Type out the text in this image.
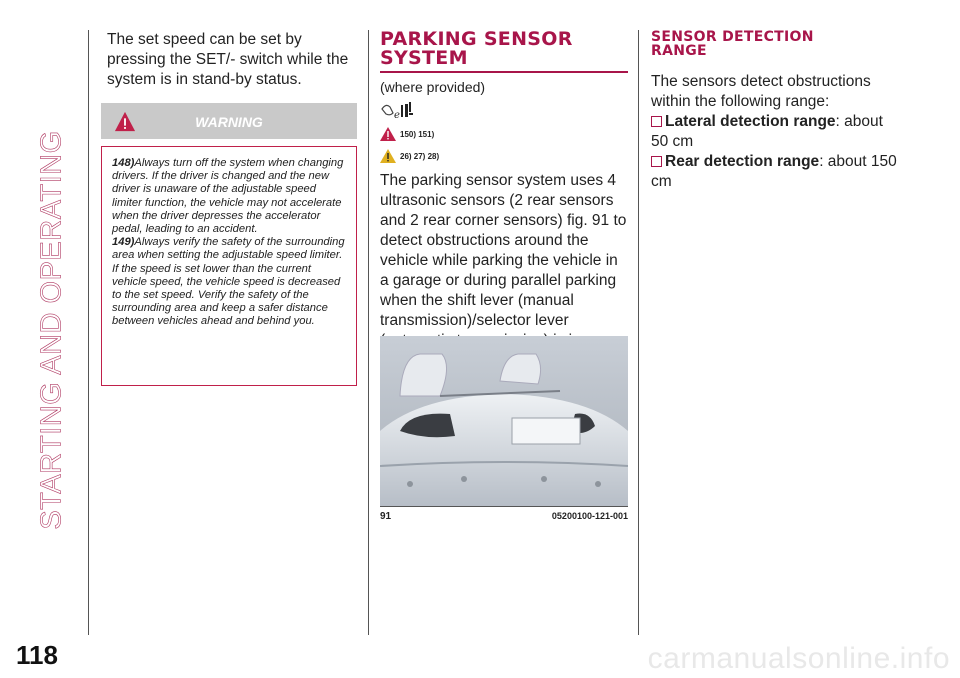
STARTING AND OPERATING
118

The set speed can be set by pressing the SET/- switch while the system is in stand-by status.

WARNING

148)Always turn off the system when changing drivers. If the driver is changed and the new driver is unaware of the adjustable speed limiter function, the vehicle may not accelerate when the driver depresses the accelerator pedal, leading to an accident.

149)Always verify the safety of the surrounding area when setting the adjustable speed limiter. If the speed is set lower than the current vehicle speed, the vehicle speed is decreased to the set speed. Verify the safety of the surrounding area and keep a safer distance between vehicles ahead and behind you.

PARKING SENSOR
SYSTEM
(where provided)
e
150) 151)
26) 27) 28)

The parking sensor system uses 4 ultrasonic sensors (2 rear sensors and 2 rear corner sensors) fig. 91 to detect obstructions around the vehicle while parking the vehicle in a garage or during parallel parking when the shift lever (manual transmission)/selector lever

91	05200100-121-001
SENSOR DETECTION
RANGE

The sensors detect obstructions within the following range:

Lateral detection range: about 50 cm

Rear detection range: about 150 cm

carmanualsonline.info
